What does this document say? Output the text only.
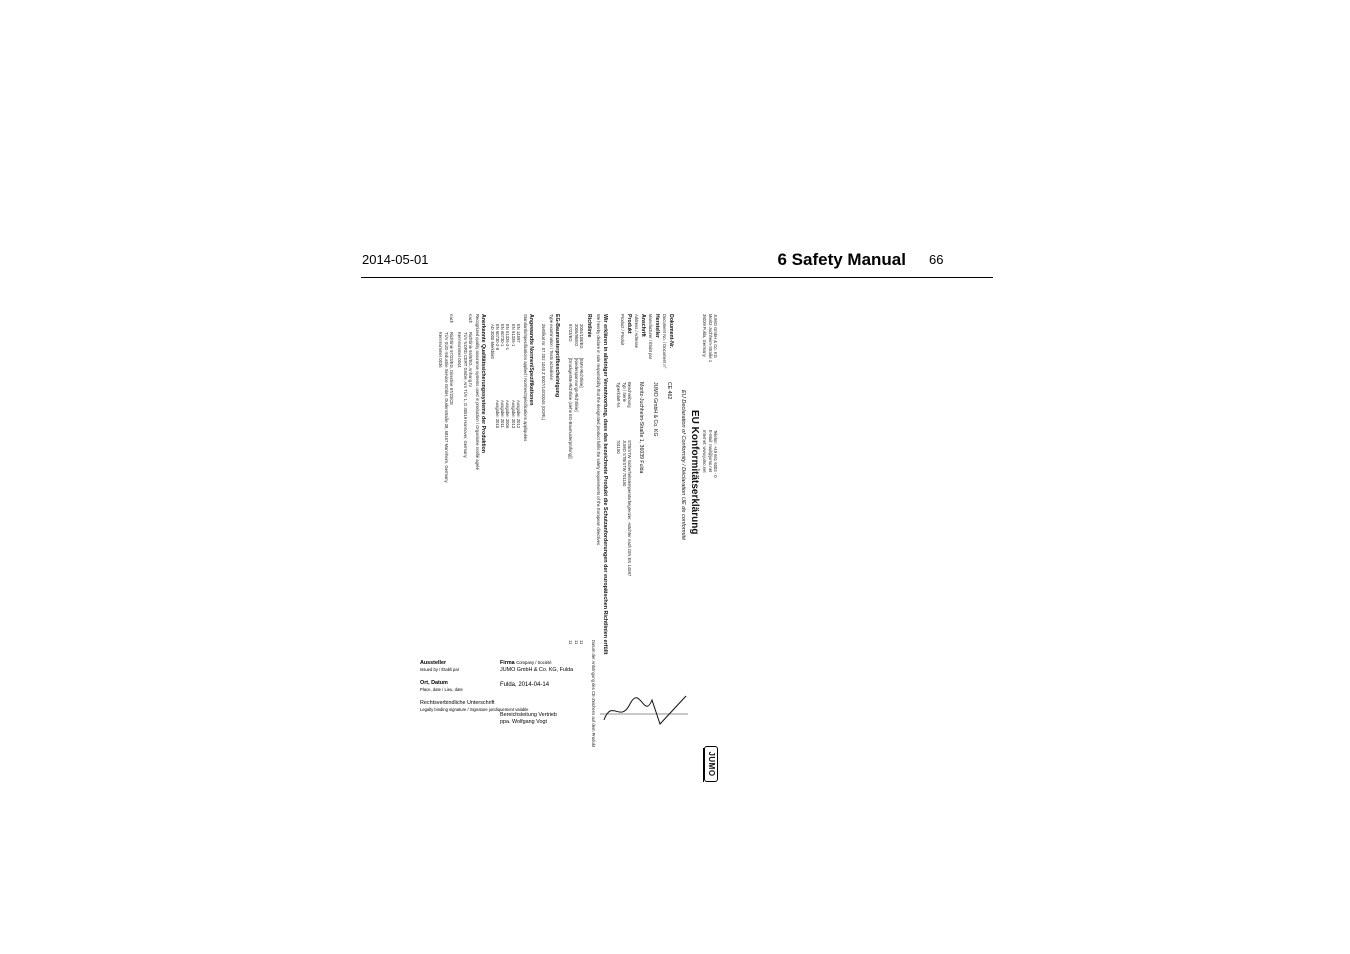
2014-05-01	6 Safety Manual 66
JUMO GmbH & Co. KG
Moritz-Juchheim-Straße 1
36039 Fulda, Germany
Telefon: +49 661 6003 - 0
E-Mail: mail@jumo.net
Internet: www.jumo.net
JUMO
EU Konformitätserklärung
EU Declaration of Conformity / Déclaration UE de conformité
Dokument-Nr.
Document No. / Document n°
CE 462
Hersteller
Manufacturer / Étabt par
JUMO GmbH & Co. KG
Anschrift
Address / Adresse
Moritz-Juchheim-Straße 1, 36039 Fulda
Produkt
Product / Produit
Beschreibung
Typ / Serie
Typenblatt-Nr.
STB/STW Sicherheitstemperaturbegrenzer, -wächter nach DIN EN 14597
JUMO STB/STW 701150
701150
Wir erklären in alleiniger Verantwortung, dass das bezeichnete Produkt die Schutzanforderungen der europäischen Richtlinien erfüllt
We hereby declare in sole responsibility that the designated product fulfils the safety requirements of the European directives
Datum der Anbringung des CE-Zeichens auf dem Produkt
Richtlinie
2004/108/EG
2006/95/EG
97/23/EG
[EMV-Richtlinie]
[Niederspannungs-Richtlinie]
[Druckgeräte-Richtlinie (siehe EG-Baumusterprüfung)]
11
11
11
EG-Baumusterprüfbescheinigung
Type examination / Tests actualisés
Zertifikat Nr. 07 202 1040 Z 0007/14/D0046 (DGRL)
Angewandte Normen/Spezifikationen
Standards/Specifications applied / Normes/Spécifications appliquées
EN 14597
EN 61326-1
EN 61326-2-1
EN 60730-1
EN 60730-2-9
AD 2000 Merkblatt
Ausgabe: 2012
Ausgabe: 2013
Ausgabe: 2006
Ausgabe: 2011
Ausgabe: 2010
Anerkannte Qualitätssicherungssysteme der Produktion
Recognized quality assurance systems used in production / Organisme notifié agréé
nach
Richtlinie 94/9/EG, Anhang IV
TÜV NORD CERT GmbH, Am TÜV 1, D 30519 Hannover, Germany
Kennnummer 0044
nach
Richtlinie 97/23/EG, Directive 97/23/CE
TÜV SÜD Industrie Service GmbH, Dudenstraße 28, 68167 Mannheim, Germany
Kennnummer 0036
Aussteller
Issued by / Établi par
Firma Company / Société
JUMO GmbH & Co. KG, Fulda
Ort, Datum
Place, date / Lieu, date
Fulda, 2014-04-14
Rechtsverbindliche Unterschrift
Legally binding signature / Signature juridiquement valable
Bereichsleitung Vertrieb
ppa. Wolfgang Vogt
